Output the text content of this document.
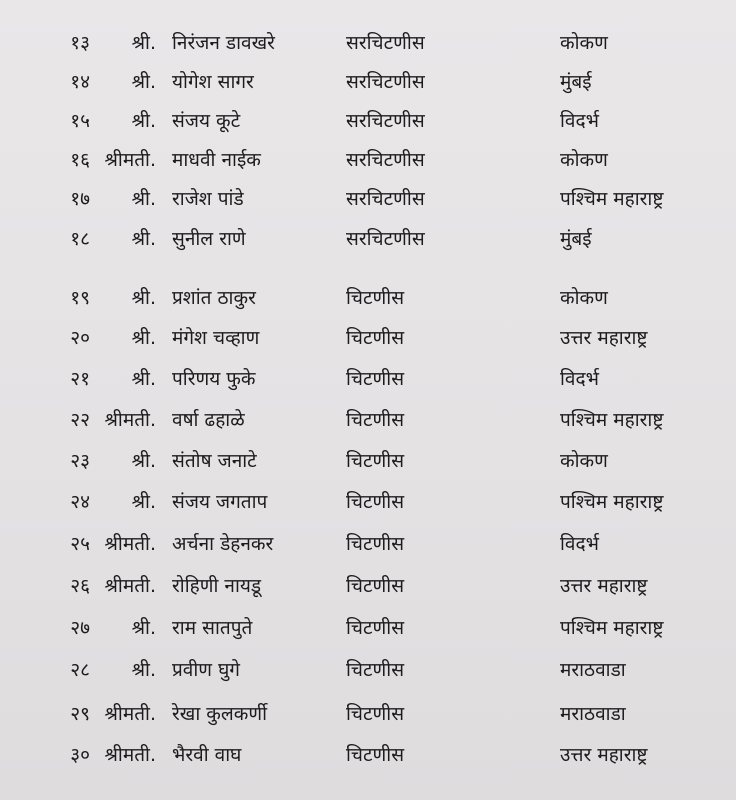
१३ श्री. निरंजन डावखरे	सरचिटणीस	कोकण
१४ श्री. योगेश सागर	सरचिटणीस	मुंबई
१५ श्री. संजय कूटे	सरचिटणीस	विदर्भ
१६ श्रीमती. माधवी नाईक	सरचिटणीस	कोकण
१७ श्री. राजेश पांडे	सरचिटणीस	पश्चिम महाराष्ट्र
१८ श्री. सुनील राणे	सरचिटणीस	मुंबई
१९ श्री. प्रशांत ठाकुर	चिटणीस	कोकण
२० श्री. मंगेश चव्हाण	चिटणीस	उत्तर महाराष्ट्र
२१ श्री. परिणय फुके	चिटणीस	विदर्भ
२२ श्रीमती. वर्षा ढहाळे	चिटणीस	पश्चिम महाराष्ट्र
२३ श्री. संतोष जनाटे	चिटणीस	कोकण
२४ श्री. संजय जगताप	चिटणीस	पश्चिम महाराष्ट्र
२५ श्रीमती. अर्चना डेहनकर	चिटणीस	विदर्भ
२६ श्रीमती. रोहिणी नायडू	चिटणीस	उत्तर महाराष्ट्र
२७ श्री. राम सातपुते	चिटणीस	पश्चिम महाराष्ट्र
२८ श्री. प्रवीण घुगे	चिटणीस	मराठवाडा
२९ श्रीमती. रेखा कुलकर्णी	चिटणीस	मराठवाडा
३० श्रीमती. भैरवी वाघ	चिटणीस	उत्तर महाराष्ट्र
